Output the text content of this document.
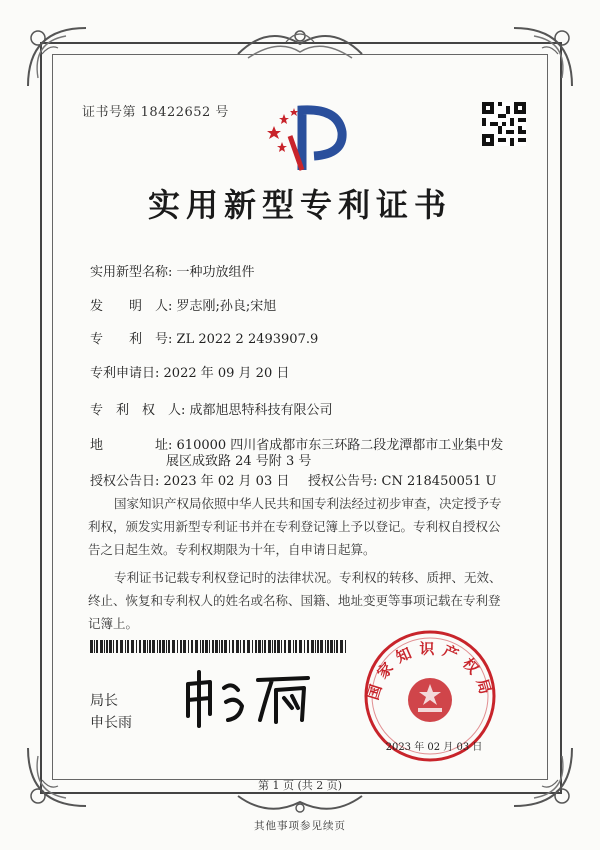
证书号第 18422652 号
实用新型专利证书
实用新型名称: 一种功放组件
发　　明　人: 罗志刚;孙良;宋旭
专　　利　号: ZL 2022 2 2493907.9
专利申请日: 2022 年 09 月 20 日
专　利　权　人: 成都旭思特科技有限公司
地　　　　址: 610000 四川省成都市东三环路二段龙潭都市工业集中发
展区成致路 24 号附 3 号
授权公告日: 2023 年 02 月 03 日 授权公告号: CN 218450051 U
国家知识产权局依照中华人民共和国专利法经过初步审查，决定授予专利权，颁发实用新型专利证书并在专利登记簿上予以登记。专利权自授权公告之日起生效。专利权期限为十年，自申请日起算。
专利证书记载专利权登记时的法律状况。专利权的转移、质押、无效、终止、恢复和专利权人的姓名或名称、国籍、地址变更等事项记载在专利登记簿上。
局长
申长雨
国家知识产权局
2023 年 02 月 03 日
第 1 页 (共 2 页)
其他事项参见续页
